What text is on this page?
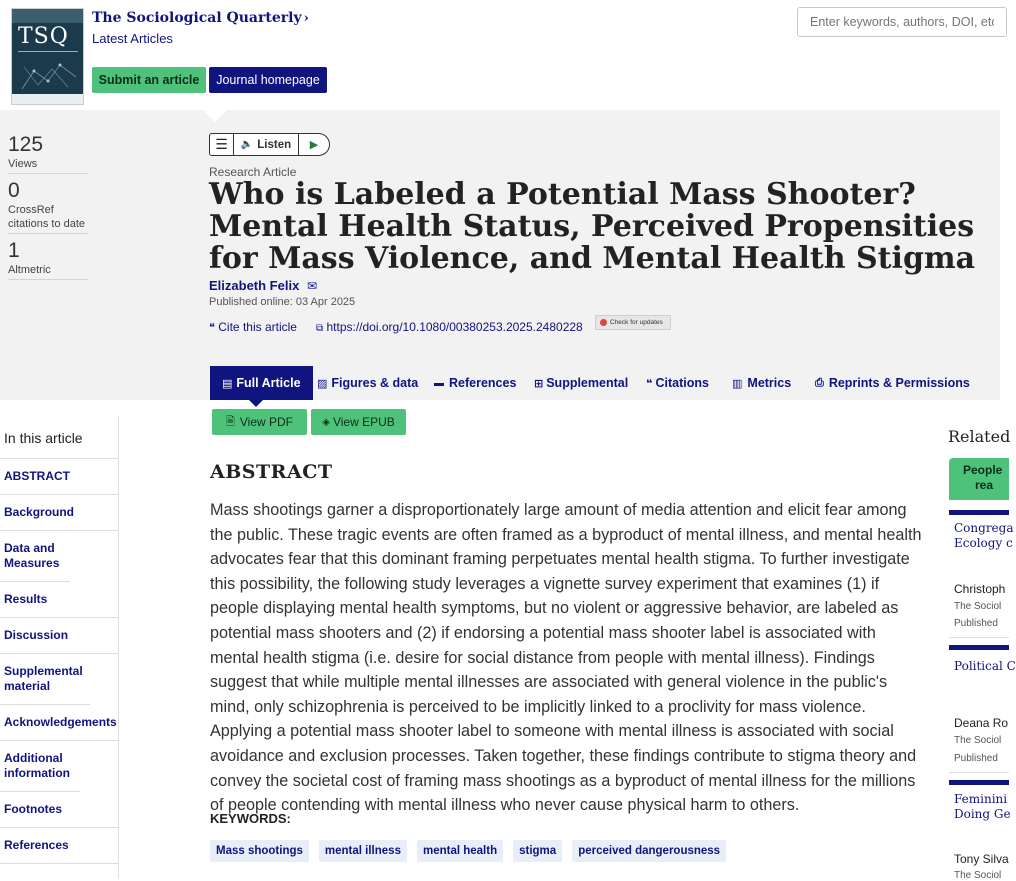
TSQ
The Sociological Quarterly ›
Latest Articles
Submit an article	Journal homepage
Enter keywords, authors, DOI, etc
125
Views
0
CrossRef citations to date
1
Altmetric
☰	🔈 Listen	▶
Research Article
Who is Labeled a Potential Mass Shooter? Mental Health Status, Perceived Propensities for Mass Violence, and Mental Health Stigma
Elizabeth Felix ✉
Published online: 03 Apr 2025
❝ Cite this article ⧉ https://doi.org/10.1080/00380253.2025.2480228	Check for updates
▤ Full Article ▨ Figures & data ▬ References ⊞ Supplemental ❝ Citations ▥ Metrics ⎙ Reprints & Permissions
In this article
ABSTRACT
Background
Data and Measures
Results
Discussion
Supplemental material
Acknowledgements
Additional information
Footnotes
References
🗎 View PDF	◈ View EPUB
ABSTRACT
Mass shootings garner a disproportionately large amount of media attention and elicit fear among the public. These tragic events are often framed as a byproduct of mental illness, and mental health advocates fear that this dominant framing perpetuates mental health stigma. To further investigate this possibility, the following study leverages a vignette survey experiment that examines (1) if people displaying mental health symptoms, but no violent or aggressive behavior, are labeled as potential mass shooters and (2) if endorsing a potential mass shooter label is associated with mental health stigma (i.e. desire for social distance from people with mental illness). Findings suggest that while multiple mental illnesses are associated with general violence in the public's mind, only schizophrenia is perceived to be implicitly linked to a proclivity for mass violence. Applying a potential mass shooter label to someone with mental illness is associated with social avoidance and exclusion processes. Taken together, these findings contribute to stigma theory and convey the societal cost of framing mass shootings as a byproduct of mental illness for the millions of people contending with mental illness who never cause physical harm to others.
KEYWORDS:
Mass shootings	mental illness	mental health	stigma	perceived dangerousness
Related
People
rea
Congrega
Ecology c
Christoph
The Sociol
Published
Political C
Deana Ro
The Sociol
Published
Feminini
Doing Ge
Tony Silva
The Sociol
